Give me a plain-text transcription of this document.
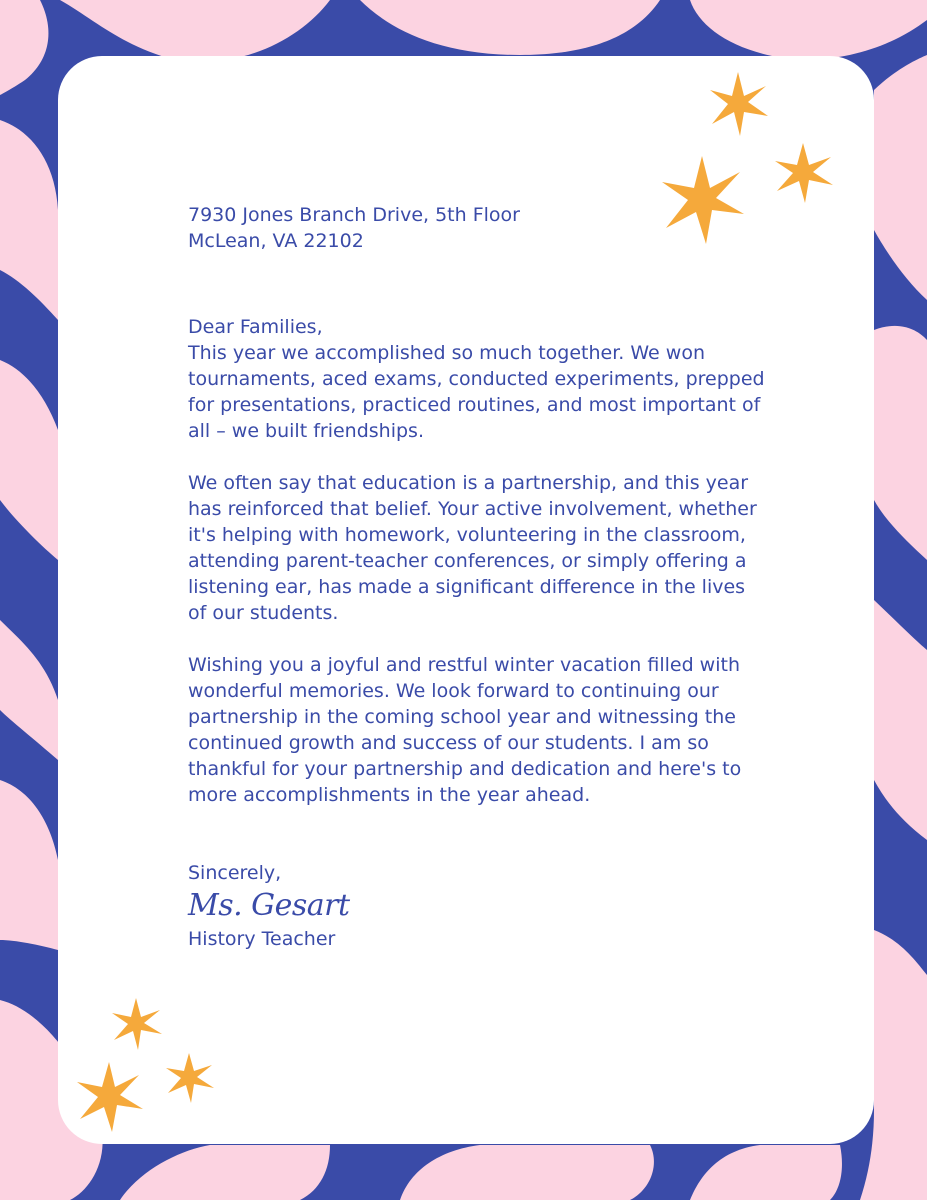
7930 Jones Branch Drive, 5th Floor

McLean, VA 22102

Dear Families,

This year we accomplished so much together. We won tournaments, aced exams, conducted experiments, prepped for presentations, practiced routines, and most important of all – we built friendships.

We often say that education is a partnership, and this year has reinforced that belief. Your active involvement, whether it's helping with homework, volunteering in the classroom, attending parent-teacher conferences, or simply offering a listening ear, has made a significant difference in the lives of our students.

Wishing you a joyful and restful winter vacation filled with wonderful memories. We look forward to continuing our partnership in the coming school year and witnessing the continued growth and success of our students. I am so thankful for your partnership and dedication and here's to more accomplishments in the year ahead.

Sincerely,

Ms. Gesart

History Teacher
